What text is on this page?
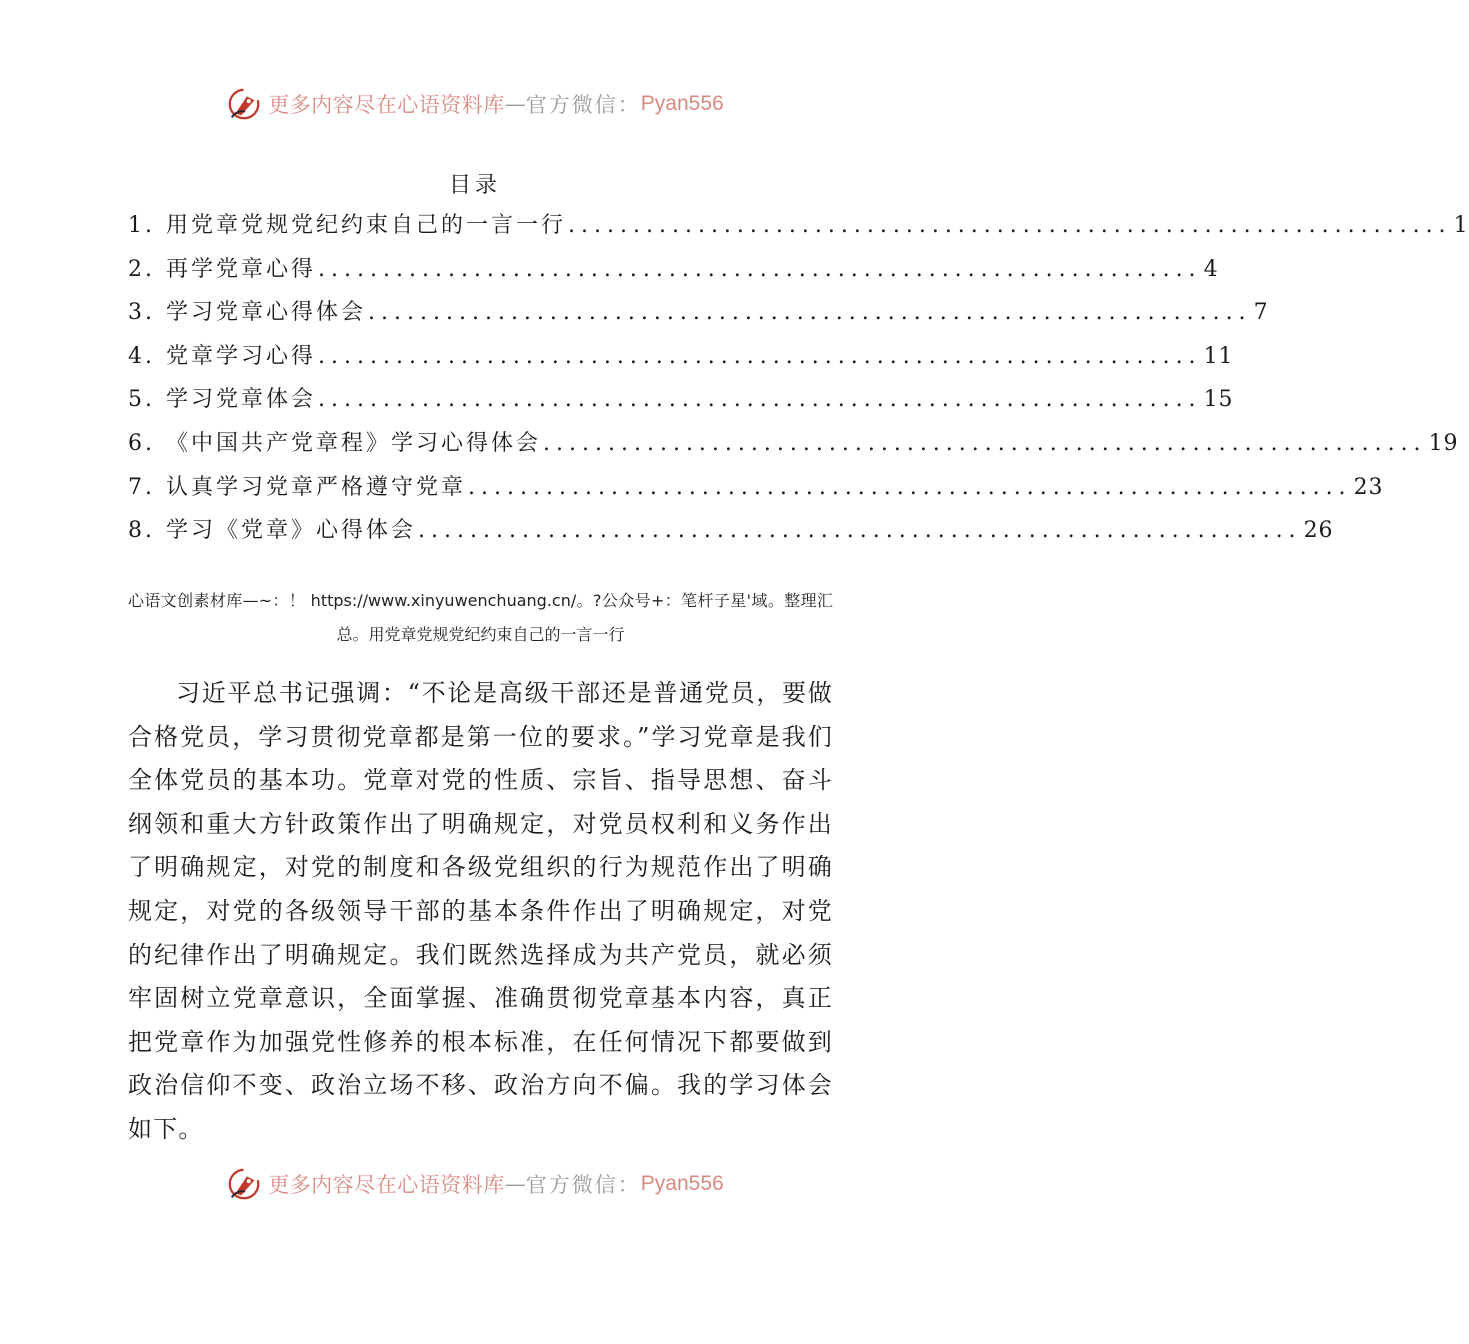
更多内容尽在心语资料库 — 官方微信： Pyan556
目录
1. 用党章党规党纪约束自己的一言一行 .................................................................... 1
2. 再学党章心得 .................................................................... 4
3. 学习党章心得体会 .................................................................... 7
4. 党章学习心得 .................................................................... 11
5. 学习党章体会 .................................................................... 15
6. 《中国共产党章程》学习心得体会 .................................................................... 19
7. 认真学习党章严格遵守党章 .................................................................... 23
8. 学习《党章》心得体会 .................................................................... 26
心语文创素材库—~：！ https://www.xinyuwenchuang.cn/。?公众号+：笔杆子星'域。整理汇
总。用党章党规党纪约束自己的一言一行
习近平总书记强调：“不论是高级干部还是普通党员，要做合格党员，学习贯彻党章都是第一位的要求。”学习党章是我们全体党员的基本功。党章对党的性质、宗旨、指导思想、奋斗纲领和重大方针政策作出了明确规定，对党员权利和义务作出了明确规定，对党的制度和各级党组织的行为规范作出了明确规定，对党的各级领导干部的基本条件作出了明确规定，对党的纪律作出了明确规定。我们既然选择成为共产党员，就必须牢固树立党章意识，全面掌握、准确贯彻党章基本内容，真正把党章作为加强党性修养的根本标准，在任何情况下都要做到政治信仰不变、政治立场不移、政治方向不偏。我的学习体会如下。
更多内容尽在心语资料库 — 官方微信： Pyan556
